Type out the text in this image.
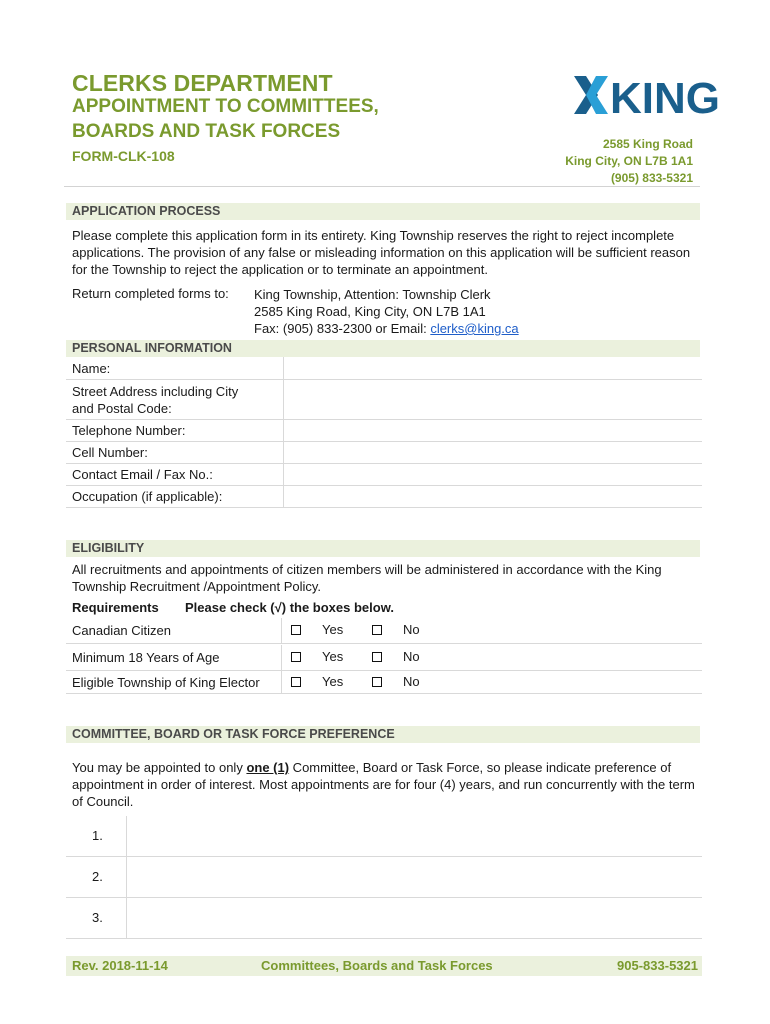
CLERKS DEPARTMENT
APPOINTMENT TO COMMITTEES,
BOARDS AND TASK FORCES
FORM-CLK-108
KING
2585 King Road
King City, ON L7B 1A1
(905) 833-5321
APPLICATION PROCESS
Please complete this application form in its entirety. King Township reserves the right to reject incomplete applications. The provision of any false or misleading information on this application will be sufficient reason for the Township to reject the application or to terminate an appointment.
Return completed forms to: King Township, Attention: Township Clerk
2585 King Road, King City, ON L7B 1A1
Fax: (905) 833-2300 or Email: clerks@king.ca
PERSONAL INFORMATION
Name:
Street Address including City and Postal Code:
Telephone Number:
Cell Number:
Contact Email / Fax No.:
Occupation (if applicable):
ELIGIBILITY
All recruitments and appointments of citizen members will be administered in accordance with the King Township Recruitment /Appointment Policy.
Requirements Please check (√) the boxes below.
Canadian Citizen	Yes	No
Minimum 18 Years of Age	Yes	No
Eligible Township of King Elector	Yes	No
COMMITTEE, BOARD OR TASK FORCE PREFERENCE
You may be appointed to only one (1) Committee, Board or Task Force, so please indicate preference of appointment in order of interest. Most appointments are for four (4) years, and run concurrently with the term of Council.
1.
2.
3.
Rev. 2018-11-14	Committees, Boards and Task Forces	905-833-5321
